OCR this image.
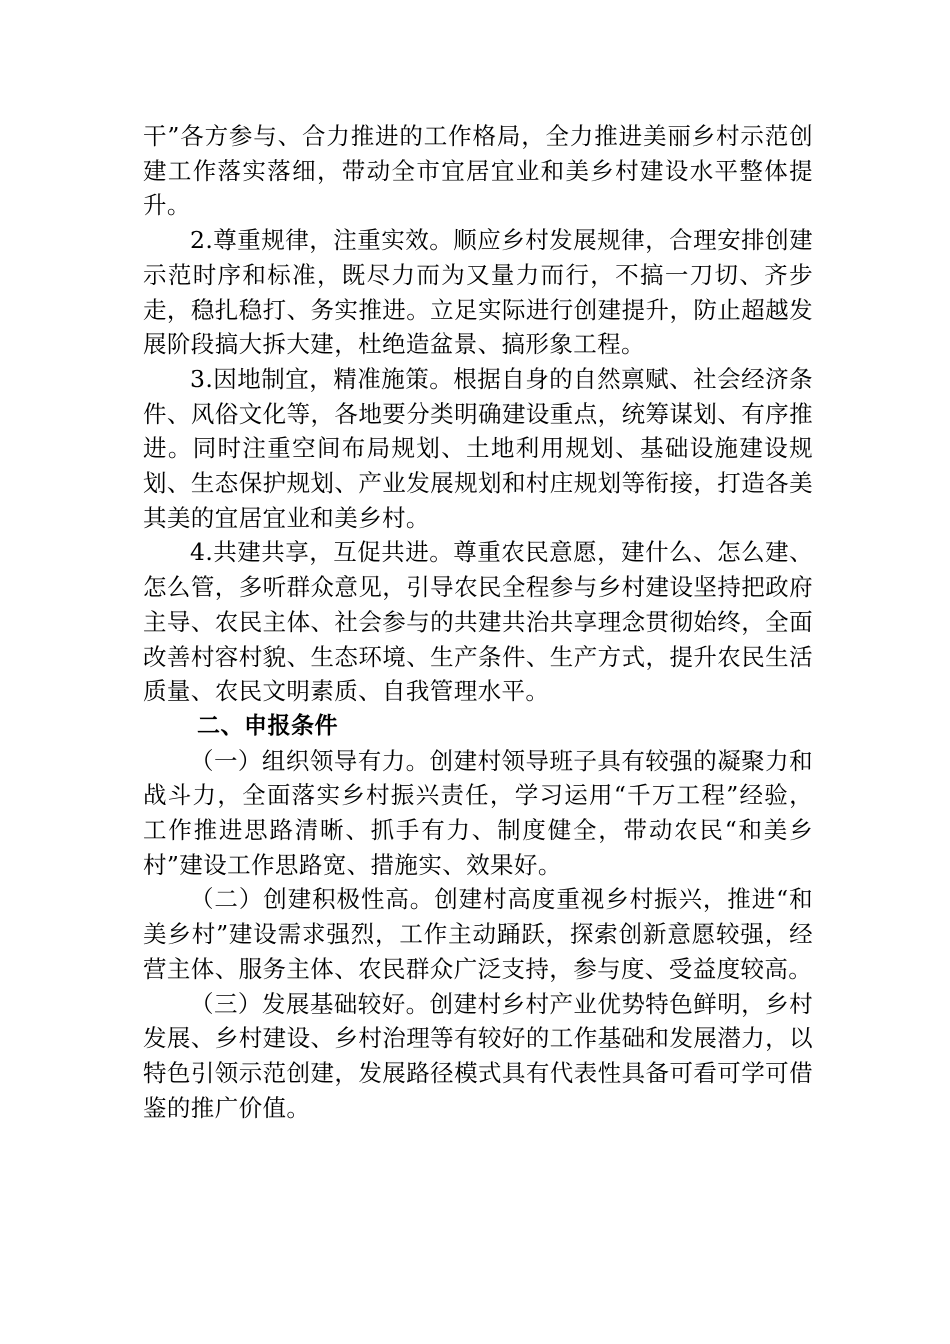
干”各方参与、合力推进的工作格局，全力推进美丽乡村示范创建工作落实落细，带动全市宜居宜业和美乡村建设水平整体提升。

2.尊重规律，注重实效。顺应乡村发展规律，合理安排创建示范时序和标准，既尽力而为又量力而行，不搞一刀切、齐步走，稳扎稳打、务实推进。立足实际进行创建提升，防止超越发展阶段搞大拆大建，杜绝造盆景、搞形象工程。

3.因地制宜，精准施策。根据自身的自然禀赋、社会经济条件、风俗文化等，各地要分类明确建设重点，统筹谋划、有序推进。同时注重空间布局规划、土地利用规划、基础设施建设规划、生态保护规划、产业发展规划和村庄规划等衔接，打造各美其美的宜居宜业和美乡村。

4.共建共享，互促共进。尊重农民意愿，建什么、怎么建、怎么管，多听群众意见，引导农民全程参与乡村建设坚持把政府主导、农民主体、社会参与的共建共治共享理念贯彻始终，全面改善村容村貌、生态环境、生产条件、生产方式，提升农民生活质量、农民文明素质、自我管理水平。

二、申报条件

（一）组织领导有力。创建村领导班子具有较强的凝聚力和战斗力，全面落实乡村振兴责任，学习运用“千万工程”经验，工作推进思路清晰、抓手有力、制度健全，带动农民“和美乡村”建设工作思路宽、措施实、效果好。

（二）创建积极性高。创建村高度重视乡村振兴，推进“和美乡村”建设需求强烈，工作主动踊跃，探索创新意愿较强，经营主体、服务主体、农民群众广泛支持，参与度、受益度较高。

（三）发展基础较好。创建村乡村产业优势特色鲜明，乡村发展、乡村建设、乡村治理等有较好的工作基础和发展潜力，以特色引领示范创建，发展路径模式具有代表性具备可看可学可借鉴的推广价值。
